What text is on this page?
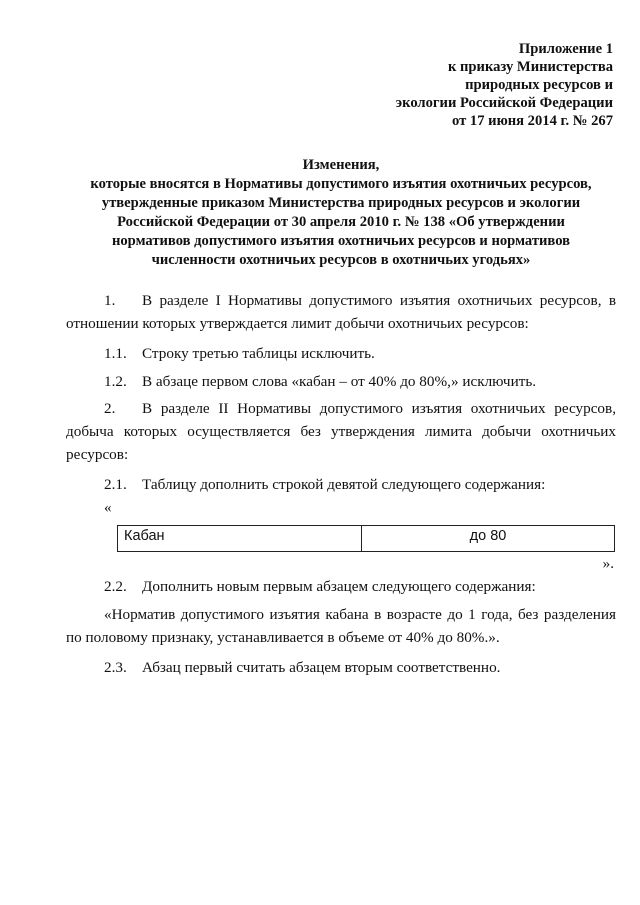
Приложение 1
к приказу Министерства
природных ресурсов и
экологии Российской Федерации
от 17 июня 2014 г. № 267
Изменения,
которые вносятся в Нормативы допустимого изъятия охотничьих ресурсов,
утвержденные приказом Министерства природных ресурсов и экологии
Российской Федерации от 30 апреля 2010 г. № 138 «Об утверждении
нормативов допустимого изъятия охотничьих ресурсов и нормативов
численности охотничьих ресурсов в охотничьих угодьях»
1. В разделе I Нормативы допустимого изъятия охотничьих ресурсов, в
отношении которых утверждается лимит добычи охотничьих ресурсов:
1.1. Строку третью таблицы исключить.
1.2. В абзаце первом слова «кабан – от 40% до 80%,» исключить.
2. В разделе II Нормативы допустимого изъятия охотничьих ресурсов,
добыча которых осуществляется без утверждения лимита добычи охотничьих
ресурсов:
2.1. Таблицу дополнить строкой девятой следующего содержания:
«
Кабан	до 80
».
2.2. Дополнить новым первым абзацем следующего содержания:
«Норматив допустимого изъятия кабана в возрасте до 1 года, без разделения
по половому признаку, устанавливается в объеме от 40% до 80%.».
2.3. Абзац первый считать абзацем вторым соответственно.
